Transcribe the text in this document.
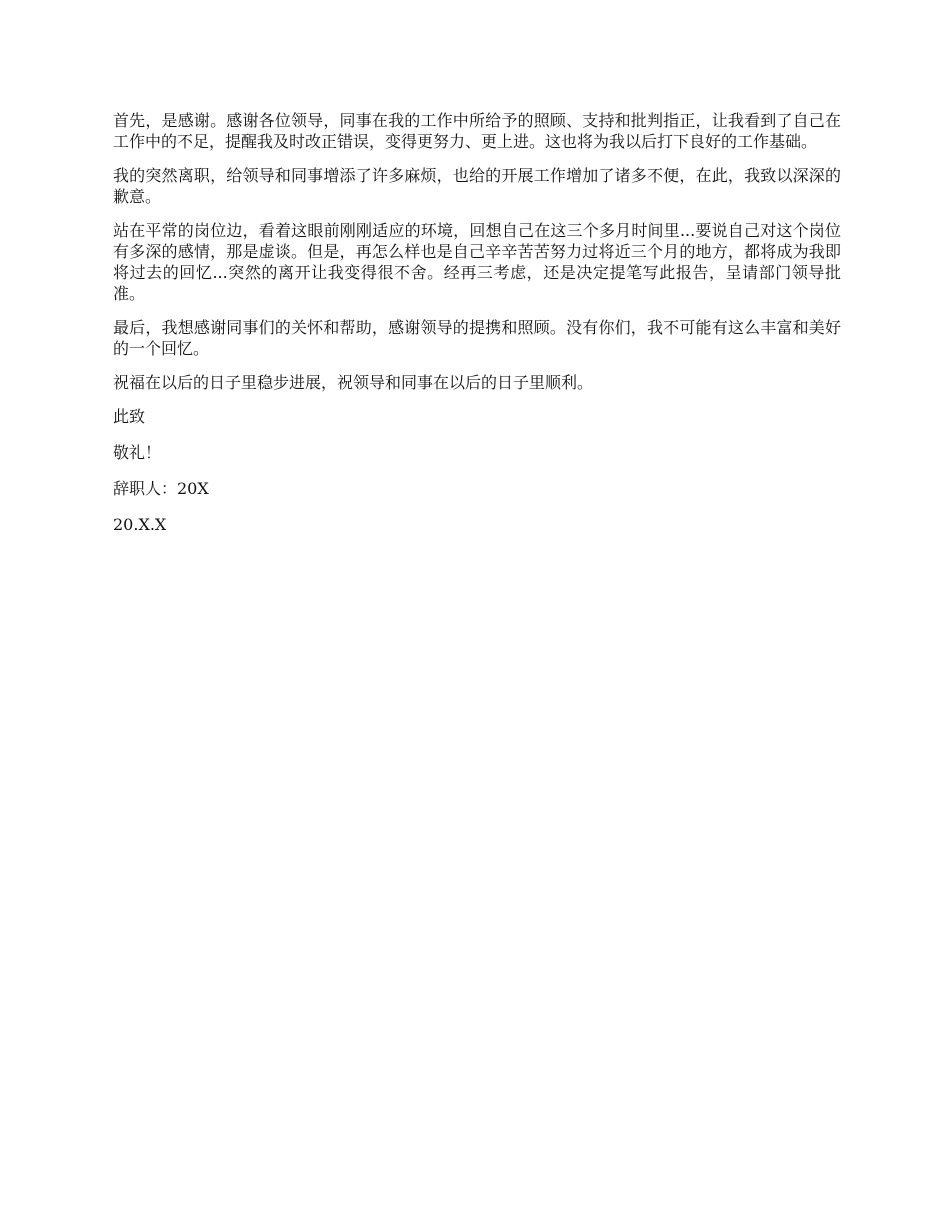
首先，是感谢。感谢各位领导，同事在我的工作中所给予的照顾、支持和批判指正，让我看到了自己在工作中的不足，提醒我及时改正错误，变得更努力、更上进。这也将为我以后打下良好的工作基础。

我的突然离职，给领导和同事增添了许多麻烦，也给的开展工作增加了诸多不便，在此，我致以深深的歉意。

站在平常的岗位边，看着这眼前刚刚适应的环境，回想自己在这三个多月时间里...要说自己对这个岗位有多深的感情，那是虚谈。但是，再怎么样也是自己辛辛苦苦努力过将近三个月的地方，都将成为我即将过去的回忆...突然的离开让我变得很不舍。经再三考虑，还是决定提笔写此报告，呈请部门领导批准。

最后，我想感谢同事们的关怀和帮助，感谢领导的提携和照顾。没有你们，我不可能有这么丰富和美好的一个回忆。

祝福在以后的日子里稳步进展，祝领导和同事在以后的日子里顺利。

此致

敬礼！

辞职人：20X

20.X.X
